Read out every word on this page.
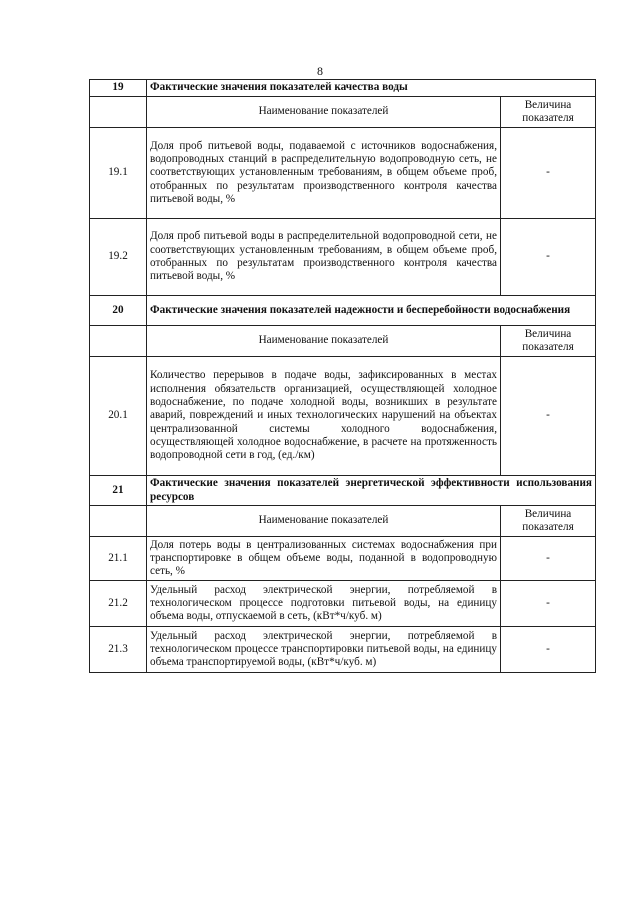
8
19	Фактические значения показателей качества воды	
	Наименование показателей	Величина показателя
19.1	Доля проб питьевой воды, подаваемой с источников водоснабжения, водопроводных станций в распределительную водопроводную сеть, не соответствующих установленным требованиям, в общем объеме проб, отобранных по результатам производственного контроля качества питьевой воды, %	-
19.2	Доля проб питьевой воды в распределительной водопроводной сети, не соответствующих установленным требованиям, в общем объеме проб, отобранных по результатам производственного контроля качества питьевой воды, %	-
20	Фактические значения показателей надежности и бесперебойности водоснабжения	
	Наименование показателей	Величина показателя
20.1	Количество перерывов в подаче воды, зафиксированных в местах исполнения обязательств организацией, осуществляющей холодное водоснабжение, по подаче холодной воды, возникших в результате аварий, повреждений и иных технологических нарушений на объектах централизованной системы холодного водоснабжения, осуществляющей холодное водоснабжение, в расчете на протяженность водопроводной сети в год, (ед./км)	-
21	Фактические значения показателей энергетической эффективности использования ресурсов	
	Наименование показателей	Величина показателя
21.1	Доля потерь воды в централизованных системах водоснабжения при транспортировке в общем объеме воды, поданной в водопроводную сеть, %	-
21.2	Удельный расход электрической энергии, потребляемой в технологическом процессе подготовки питьевой воды, на единицу объема воды, отпускаемой в сеть, (кВт*ч/куб. м)	-
21.3	Удельный расход электрической энергии, потребляемой в технологическом процессе транспортировки питьевой воды, на единицу объема транспортируемой воды, (кВт*ч/куб. м)	-
